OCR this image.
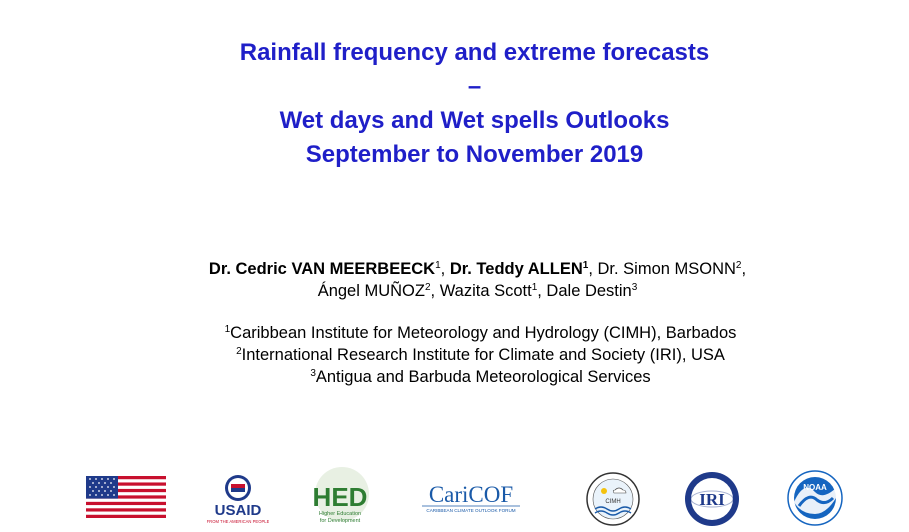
Rainfall frequency and extreme forecasts
–
Wet days and Wet spells Outlooks
September to November 2019
Dr. Cedric VAN MEERBEECK$^1$, Dr. Teddy ALLEN$^1$, Dr. Simon MSONN$^2$,
Ángel MUÑOZ$^2$, Wazita Scott$^1$, Dale Destin$^3$
$^1$Caribbean Institute for Meteorology and Hydrology (CIMH), Barbados
$^2$International Research Institute for Climate and Society (IRI), USA
$^3$Antigua and Barbuda Meteorological Services
USAID
FROM THE AMERICAN PEOPLE
HED
Higher Education
for Development
CariCOF
CARIBBEAN CLIMATE OUTLOOK FORUM
CIMH	IRI
NOAA
